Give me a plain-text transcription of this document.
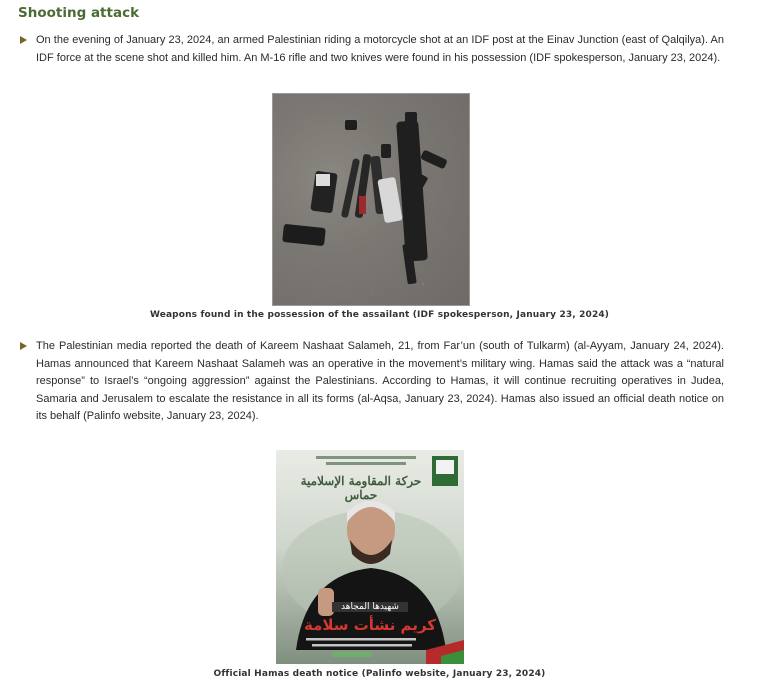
Shooting attack
On the evening of January 23, 2024, an armed Palestinian riding a motorcycle shot at an IDF post at the Einav Junction (east of Qalqilya). An IDF force at the scene shot and killed him. An M-16 rifle and two knives were found in his possession (IDF spokesperson, January 23, 2024).
Weapons found in the possession of the assailant (IDF spokesperson, January 23, 2024)
The Palestinian media reported the death of Kareem Nashaat Salameh, 21, from Far’un (south of Tulkarm) (al-Ayyam, January 24, 2024). Hamas announced that Kareem Nashaat Salameh was an operative in the movement’s military wing. Hamas said the attack was a “natural response” to Israel’s “ongoing aggression” against the Palestinians. According to Hamas, it will continue recruiting operatives in Judea, Samaria and Jerusalem to escalate the resistance in all its forms (al-Aqsa, January 23, 2024). Hamas also issued an official death notice on its behalf (Palinfo website, January 23, 2024).
حركة المقاومة الإسلامية حماس
شهيدها المجاهد
كريم نشأت سلامة
Official Hamas death notice (Palinfo website, January 23, 2024)
